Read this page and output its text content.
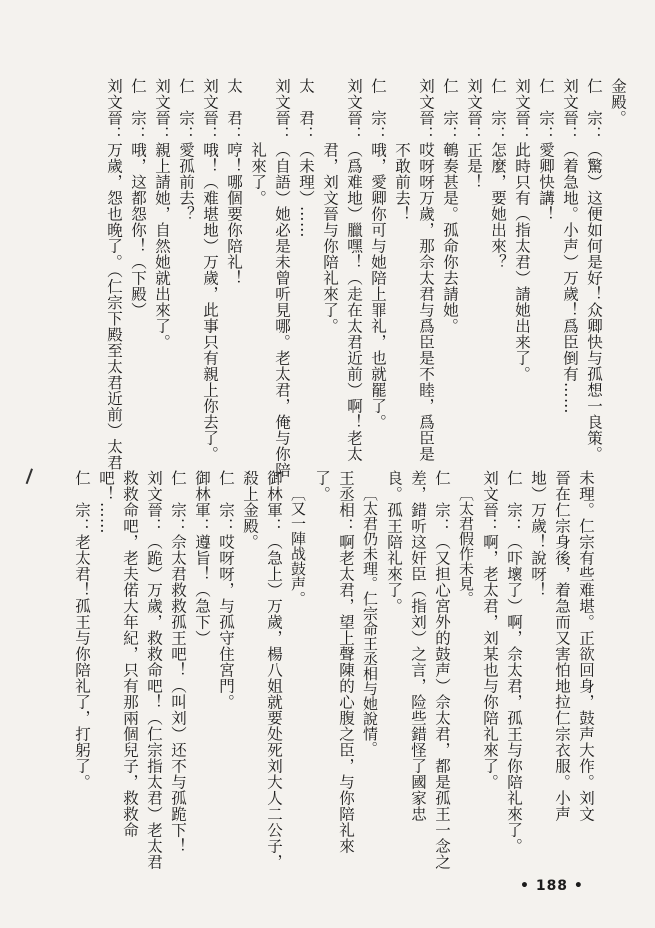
金殿。
仁　宗：（驚）这便如何是好！众卿快与孤想一良策。
刘文晉：（着急地。小声）万歲！爲臣倒有……
仁　宗：愛卿快講！
刘文晉：此時只有（指太君）請她出来了。
仁　宗：怎麼，要她出來？
刘文晉：正是！
仁　宗：鵪奏甚是。孤命你去請她。
刘文晉：哎呀呀万歲，那佘太君与爲臣是不睦，爲臣是
　　　　不敢前去！
仁　宗：哦，愛卿你可与她陪上罪礼，也就罷了。
刘文晉：（爲难地）臘嘿！（走在太君近前）啊！老太
　　　　君，刘文晉与你陪礼來了。
太　君：（未理）……
刘文晉：（自語）她必是未曾听見哪。老太君，俺与你陪
　　　　礼來了。
太　君：哼！哪個要你陪礼！
刘文晉：哦！（难堪地）万歲，此事只有親上你去了。
仁　宗：愛孤前去？
刘文晉：親上請她，自然她就出來了。
仁　宗：哦，这都怨你！（下殿）
刘文晉：万歲，怨也晚了。（仁宗下殿至太君近前）太君
未理。仁宗有些难堪。正欲回身，鼓声大作。刘文
晉在仁宗身後，着急而又害怕地拉仁宗衣服。小声
地）万歲！說呀！
仁　宗：（吓壞了）啊，佘太君，孤王与你陪礼來了。
刘文晉：啊，老太君，刘某也与你陪礼來了。
〔太君假作未見。
仁　宗：（又担心宮外的鼓声）佘太君，都是孤王一念之
差，錯听这奸臣（指刘）之言，险些錯怪了國家忠
良。孤王陪礼來了。
〔太君仍未理。仁宗命王丞相与她說情。
王丞相：啊老太君，望上聲陳的心腹之臣，与你陪礼來
了。
〔又一陣战鼓声。
御林軍：（急上）万歲，楊八姐就要处死刘大人二公子，
殺上金殿。
仁　宗：哎呀呀，与孤守住宮門。
御林軍：遵旨！（急下）
仁　宗：佘太君救救孤王吧！（叫刘）还不与孤跪下！
刘文晉：（跪）万歲，救救命吧！（仁宗指太君）老太君
救救命吧，老夫偌大年紀，只有那兩個兒子，救救命
吧！……
仁　宗：老太君！孤王与你陪礼了，打躬了。
• 188 •
